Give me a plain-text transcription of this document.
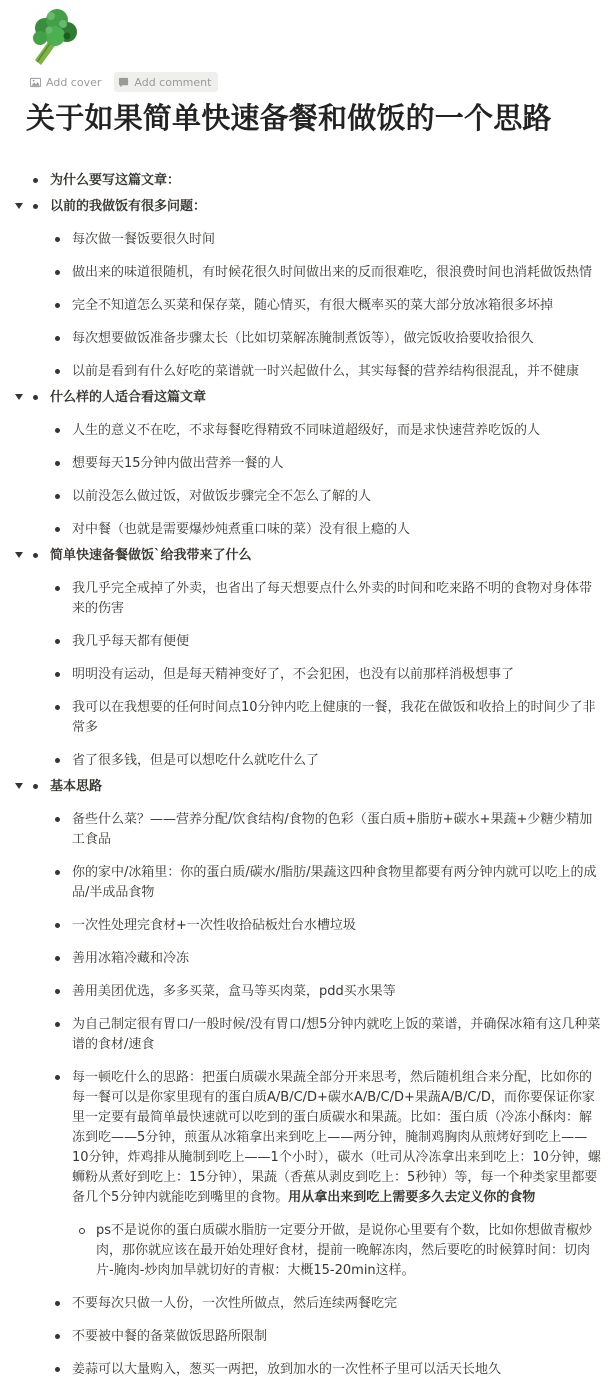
Add cover	Add comment
关于如果简单快速备餐和做饭的一个思路
为什么要写这篇文章：
以前的我做饭有很多问题：
每次做一餐饭要很久时间
做出来的味道很随机，有时候花很久时间做出来的反而很难吃，很浪费时间也消耗做饭热情
完全不知道怎么买菜和保存菜，随心情买，有很大概率买的菜大部分放冰箱很多坏掉
每次想要做饭准备步骤太长（比如切菜解冻腌制煮饭等），做完饭收拾要收拾很久
以前是看到有什么好吃的菜谱就一时兴起做什么，其实每餐的营养结构很混乱，并不健康
什么样的人适合看这篇文章
人生的意义不在吃，不求每餐吃得精致不同味道超级好，而是求快速营养吃饭的人
想要每天15分钟内做出营养一餐的人
以前没怎么做过饭，对做饭步骤完全不怎么了解的人
对中餐（也就是需要爆炒炖煮重口味的菜）没有很上瘾的人
简单快速备餐做饭`给我带来了什么
我几乎完全戒掉了外卖，也省出了每天想要点什么外卖的时间和吃来路不明的食物对身体带来的伤害
我几乎每天都有便便
明明没有运动，但是每天精神变好了，不会犯困，也没有以前那样消极想事了
我可以在我想要的任何时间点10分钟内吃上健康的一餐，我花在做饭和收拾上的时间少了非常多
省了很多钱，但是可以想吃什么就吃什么了
基本思路
备些什么菜？——营养分配/饮食结构/食物的色彩（蛋白质+脂肪+碳水+果蔬+少糖少精加工食品
你的家中/冰箱里：你的蛋白质/碳水/脂肪/果蔬这四种食物里都要有两分钟内就可以吃上的成品/半成品食物
一次性处理完食材+一次性收拾砧板灶台水槽垃圾
善用冰箱冷藏和冷冻
善用美团优选，多多买菜，盒马等买肉菜，pdd买水果等
为自己制定很有胃口/一般时候/没有胃口/想5分钟内就吃上饭的菜谱，并确保冰箱有这几种菜谱的食材/速食
每一顿吃什么的思路：把蛋白质碳水果蔬全部分开来思考，然后随机组合来分配，比如你的每一餐可以是你家里现有的蛋白质A/B/C/D+碳水A/B/C/D+果蔬A/B/C/D，而你要保证你家里一定要有最简单最快速就可以吃到的蛋白质碳水和果蔬。比如：蛋白质（冷冻小酥肉：解冻到吃——5分钟，煎蛋从冰箱拿出来到吃上——两分钟，腌制鸡胸肉从煎烤好到吃上——10分钟，炸鸡排从腌制到吃上——1个小时），碳水（吐司从冷冻拿出来到吃上：10分钟，螺蛳粉从煮好到吃上：15分钟），果蔬（香蕉从剥皮到吃上：5秒钟）等，每一个种类家里都要备几个5分钟内就能吃到嘴里的食物。用从拿出来到吃上需要多久去定义你的食物
ps不是说你的蛋白质碳水脂肪一定要分开做，是说你心里要有个数，比如你想做青椒炒肉，那你就应该在最开始处理好食材，提前一晚解冻肉，然后要吃的时候算时间：切肉片-腌肉-炒肉加旱就切好的青椒：大概15-20min这样。
不要每次只做一人份，一次性所做点，然后连续两餐吃完
不要被中餐的备菜做饭思路所限制
姜蒜可以大量购入，葱买一两把，放到加水的一次性杯子里可以活天长地久
